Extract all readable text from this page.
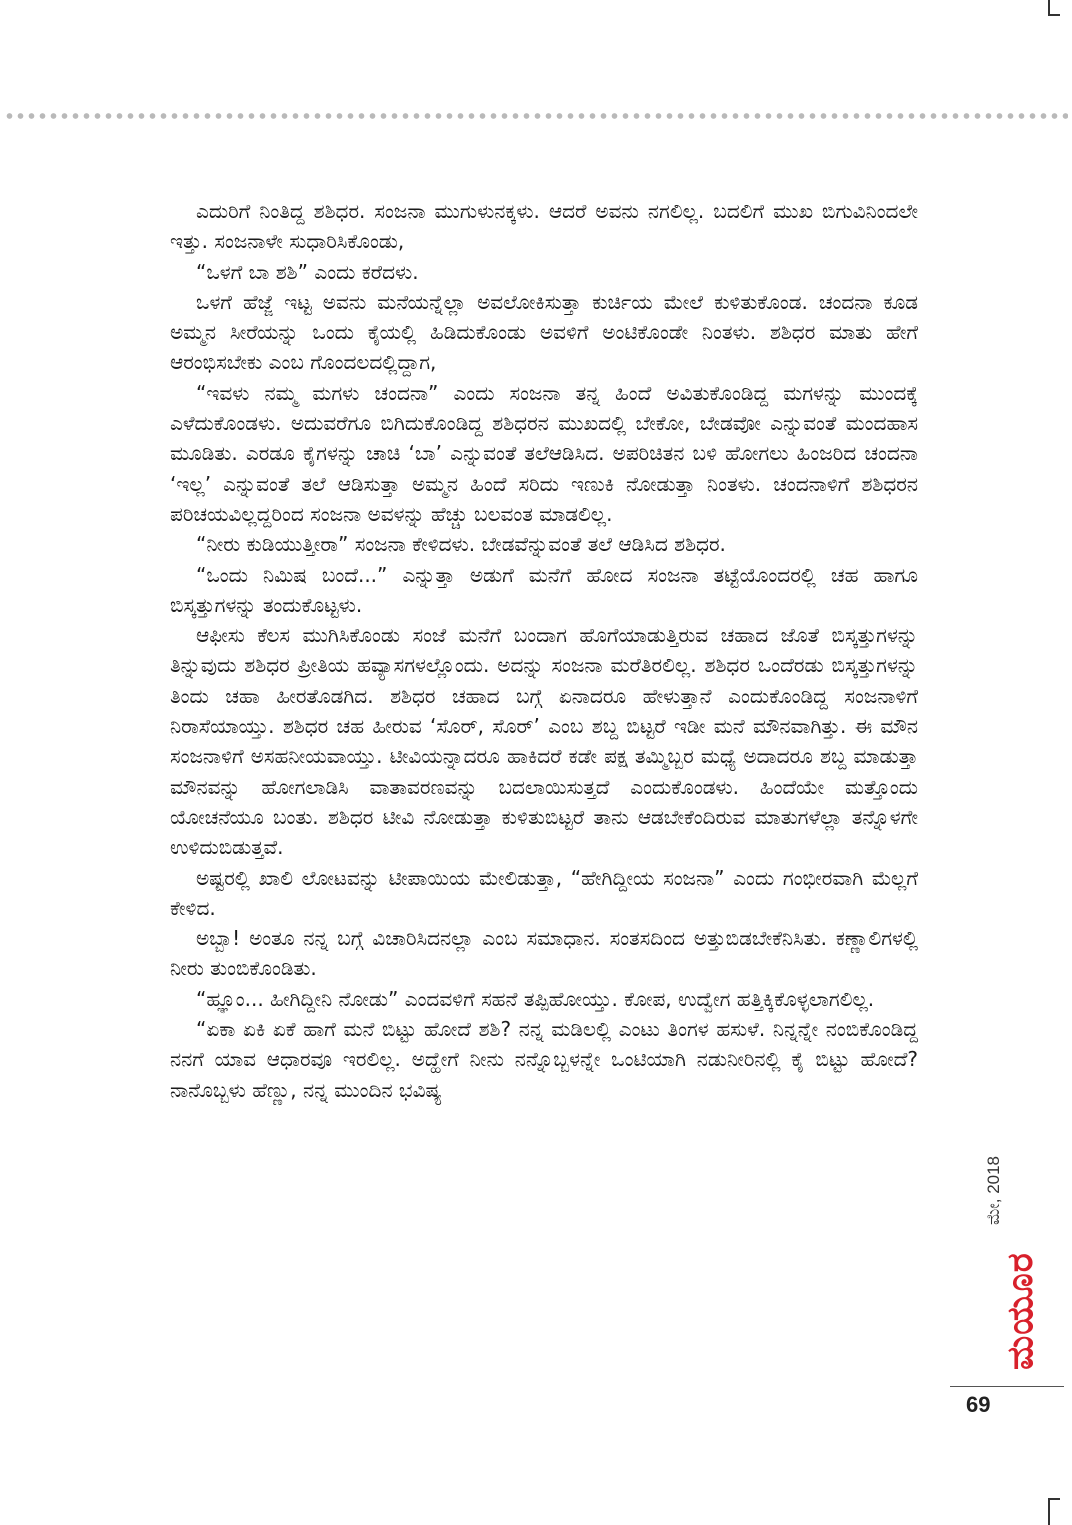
ಎದುರಿಗೆ ನಿಂತಿದ್ದ ಶಶಿಧರ. ಸಂಜನಾ ಮುಗುಳುನಕ್ಕಳು. ಆದರೆ ಅವನು ನಗಲಿಲ್ಲ. ಬದಲಿಗೆ ಮುಖ ಬಿಗುವಿನಿಂದಲೇ ಇತ್ತು. ಸಂಜನಾಳೇ ಸುಧಾರಿಸಿಕೊಂಡು,

“ಒಳಗೆ ಬಾ ಶಶಿ” ಎಂದು ಕರೆದಳು.

ಒಳಗೆ ಹೆಜ್ಜೆ ಇಟ್ಟ ಅವನು ಮನೆಯನ್ನೆಲ್ಲಾ ಅವಲೋಕಿಸುತ್ತಾ ಕುರ್ಚಿಯ ಮೇಲೆ ಕುಳಿತುಕೊಂಡ. ಚಂದನಾ ಕೂಡ ಅಮ್ಮನ ಸೀರೆಯನ್ನು ಒಂದು ಕೈಯಲ್ಲಿ ಹಿಡಿದುಕೊಂಡು ಅವಳಿಗೆ ಅಂಟಿಕೊಂಡೇ ನಿಂತಳು. ಶಶಿಧರ ಮಾತು ಹೇಗೆ ಆರಂಭಿಸಬೇಕು ಎಂಬ ಗೊಂದಲದಲ್ಲಿದ್ದಾಗ,

“ಇವಳು ನಮ್ಮ ಮಗಳು ಚಂದನಾ” ಎಂದು ಸಂಜನಾ ತನ್ನ ಹಿಂದೆ ಅವಿತುಕೊಂಡಿದ್ದ ಮಗಳನ್ನು ಮುಂದಕ್ಕೆ ಎಳೆದುಕೊಂಡಳು. ಅದುವರೆಗೂ ಬಿಗಿದುಕೊಂಡಿದ್ದ ಶಶಿಧರನ ಮುಖದಲ್ಲಿ ಬೇಕೋ, ಬೇಡವೋ ಎನ್ನುವಂತೆ ಮಂದಹಾಸ ಮೂಡಿತು. ಎರಡೂ ಕೈಗಳನ್ನು ಚಾಚಿ ‘ಬಾ’ ಎನ್ನುವಂತೆ ತಲೆಆಡಿಸಿದ. ಅಪರಿಚಿತನ ಬಳಿ ಹೋಗಲು ಹಿಂಜರಿದ ಚಂದನಾ ‘ಇಲ್ಲ’ ಎನ್ನುವಂತೆ ತಲೆ ಆಡಿಸುತ್ತಾ ಅಮ್ಮನ ಹಿಂದೆ ಸರಿದು ಇಣುಕಿ ನೋಡುತ್ತಾ ನಿಂತಳು. ಚಂದನಾಳಿಗೆ ಶಶಿಧರನ ಪರಿಚಯವಿಲ್ಲದ್ದರಿಂದ ಸಂಜನಾ ಅವಳನ್ನು ಹೆಚ್ಚು ಬಲವಂತ ಮಾಡಲಿಲ್ಲ.

“ನೀರು ಕುಡಿಯುತ್ತೀರಾ” ಸಂಜನಾ ಕೇಳಿದಳು. ಬೇಡವೆನ್ನುವಂತೆ ತಲೆ ಆಡಿಸಿದ ಶಶಿಧರ.

“ಒಂದು ನಿಮಿಷ ಬಂದೆ...” ಎನ್ನುತ್ತಾ ಅಡುಗೆ ಮನೆಗೆ ಹೋದ ಸಂಜನಾ ತಟ್ಟೆಯೊಂದರಲ್ಲಿ ಚಹ ಹಾಗೂ ಬಿಸ್ಕತ್ತುಗಳನ್ನು ತಂದುಕೊಟ್ಟಳು.

ಆಫೀಸು ಕೆಲಸ ಮುಗಿಸಿಕೊಂಡು ಸಂಜೆ ಮನೆಗೆ ಬಂದಾಗ ಹೊಗೆಯಾಡುತ್ತಿರುವ ಚಹಾದ ಜೊತೆ ಬಿಸ್ಕತ್ತುಗಳನ್ನು ತಿನ್ನುವುದು ಶಶಿಧರ ಪ್ರೀತಿಯ ಹವ್ಯಾಸಗಳಲ್ಲೊಂದು. ಅದನ್ನು ಸಂಜನಾ ಮರೆತಿರಲಿಲ್ಲ. ಶಶಿಧರ ಒಂದೆರಡು ಬಿಸ್ಕತ್ತುಗಳನ್ನು ತಿಂದು ಚಹಾ ಹೀರತೊಡಗಿದ. ಶಶಿಧರ ಚಹಾದ ಬಗ್ಗೆ ಏನಾದರೂ ಹೇಳುತ್ತಾನೆ ಎಂದುಕೊಂಡಿದ್ದ ಸಂಜನಾಳಿಗೆ ನಿರಾಸೆಯಾಯ್ತು. ಶಶಿಧರ ಚಹ ಹೀರುವ ‘ಸೊರ್, ಸೊರ್’ ಎಂಬ ಶಬ್ದ ಬಿಟ್ಟರೆ ಇಡೀ ಮನೆ ಮೌನವಾಗಿತ್ತು. ಈ ಮೌನ ಸಂಜನಾಳಿಗೆ ಅಸಹನೀಯವಾಯ್ತು. ಟೀವಿಯನ್ನಾದರೂ ಹಾಕಿದರೆ ಕಡೇ ಪಕ್ಷ ತಮ್ಮಿಬ್ಬರ ಮಧ್ಯೆ ಅದಾದರೂ ಶಬ್ದ ಮಾಡುತ್ತಾ ಮೌನವನ್ನು ಹೋಗಲಾಡಿಸಿ ವಾತಾವರಣವನ್ನು ಬದಲಾಯಿಸುತ್ತದೆ ಎಂದುಕೊಂಡಳು. ಹಿಂದೆಯೇ ಮತ್ತೊಂದು ಯೋಚನೆಯೂ ಬಂತು. ಶಶಿಧರ ಟೀವಿ ನೋಡುತ್ತಾ ಕುಳಿತುಬಿಟ್ಟರೆ ತಾನು ಆಡಬೇಕೆಂದಿರುವ ಮಾತುಗಳೆಲ್ಲಾ ತನ್ನೊಳಗೇ ಉಳಿದುಬಿಡುತ್ತವೆ.

ಅಷ್ಟರಲ್ಲಿ ಖಾಲಿ ಲೋಟವನ್ನು ಟೀಪಾಯಿಯ ಮೇಲಿಡುತ್ತಾ, “ಹೇಗಿದ್ದೀಯ ಸಂಜನಾ” ಎಂದು ಗಂಭೀರವಾಗಿ ಮೆಲ್ಲಗೆ ಕೇಳಿದ.

ಅಬ್ಬಾ! ಅಂತೂ ನನ್ನ ಬಗ್ಗೆ ವಿಚಾರಿಸಿದನಲ್ಲಾ ಎಂಬ ಸಮಾಧಾನ. ಸಂತಸದಿಂದ ಅತ್ತುಬಿಡಬೇಕೆನಿಸಿತು. ಕಣ್ಣಾಲಿಗಳಲ್ಲಿ ನೀರು ತುಂಬಿಕೊಂಡಿತು.

“ಹ್ಞೂಂ... ಹೀಗಿದ್ದೀನಿ ನೋಡು” ಎಂದವಳಿಗೆ ಸಹನೆ ತಪ್ಪಿಹೋಯ್ತು. ಕೋಪ, ಉದ್ವೇಗ ಹತ್ತಿಕ್ಕಿಕೊಳ್ಳಲಾಗಲಿಲ್ಲ.

“ಏಕಾ ಏಕಿ ಏಕೆ ಹಾಗೆ ಮನೆ ಬಿಟ್ಟು ಹೋದೆ ಶಶಿ? ನನ್ನ ಮಡಿಲಲ್ಲಿ ಎಂಟು ತಿಂಗಳ ಹಸುಳೆ. ನಿನ್ನನ್ನೇ ನಂಬಿಕೊಂಡಿದ್ದ ನನಗೆ ಯಾವ ಆಧಾರವೂ ಇರಲಿಲ್ಲ. ಅದ್ಹೇಗೆ ನೀನು ನನ್ನೊಬ್ಬಳನ್ನೇ ಒಂಟಿಯಾಗಿ ನಡುನೀರಿನಲ್ಲಿ ಕೈ ಬಿಟ್ಟು ಹೋದೆ? ನಾನೊಬ್ಬಳು ಹೆಣ್ಣು, ನನ್ನ ಮುಂದಿನ ಭವಿಷ್ಯ

ಮೇ, 2018
ಮಯೂರ
69
